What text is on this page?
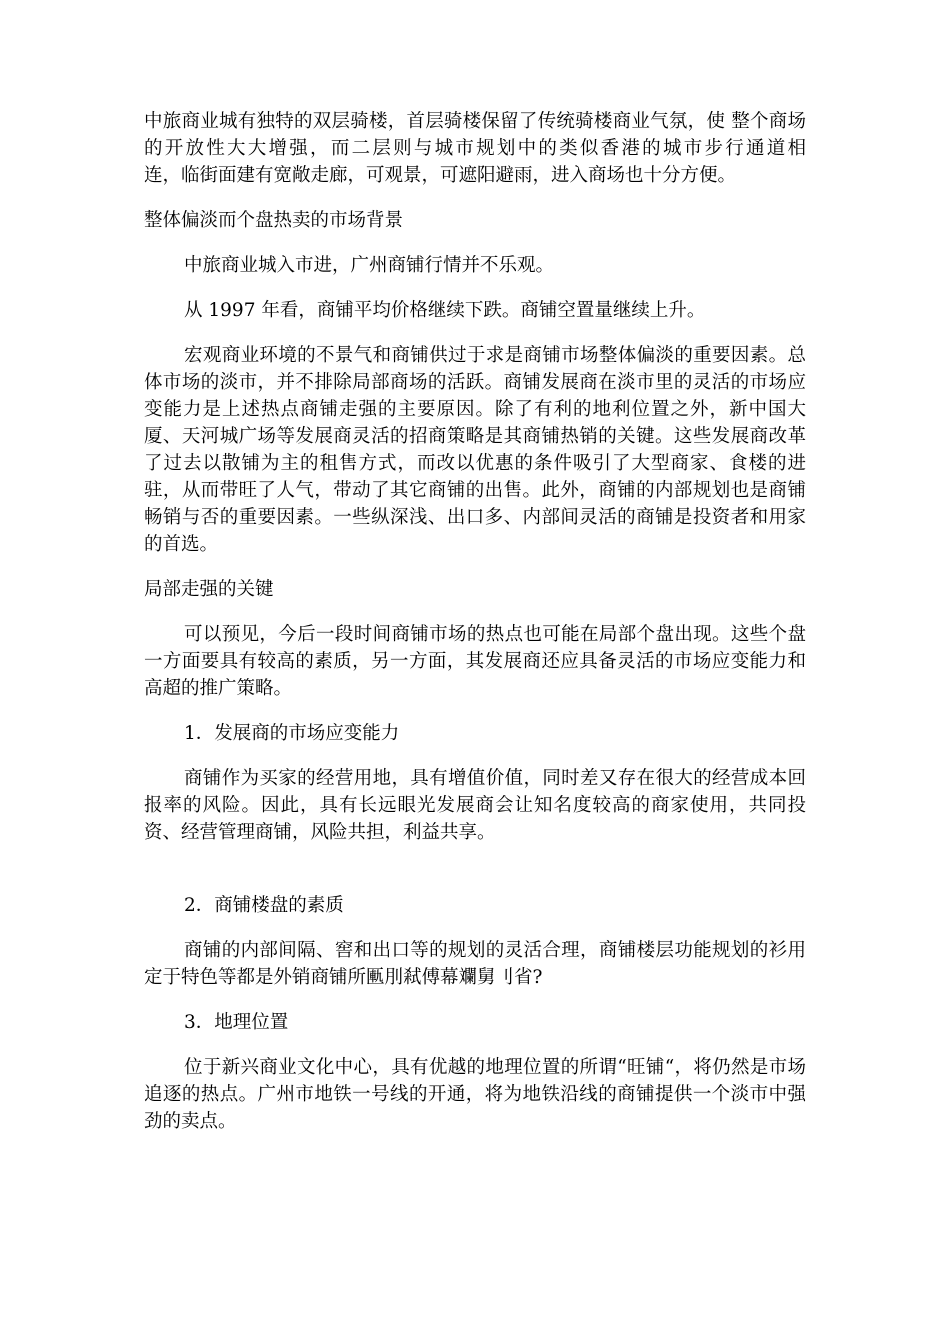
中旅商业城有独特的双层骑楼，首层骑楼保留了传统骑楼商业气氛，使 整个商场的开放性大大增强，而二层则与城市规划中的类似香港的城市步行通道相　　　　连，临街面建有宽敞走廊，可观景，可遮阳避雨，进入商场也十分方便。

整体偏淡而个盘热卖的市场背景

中旅商业城入市进，广州商铺行情并不乐观。

从 1997 年看，商铺平均价格继续下跌。商铺空置量继续上升。

宏观商业环境的不景气和商铺供过于求是商铺市场整体偏淡的重要因素。总体市场的淡市，并不排除局部商场的活跃。商铺发展商在淡市里的灵活的市场应变能力是上述热点商铺走强的主要原因。除了有利的地利位置之外，新中国大厦、天河城广场等发展商灵活的招商策略是其商铺热销的关键。这些发展商改革了过去以散铺为主的租售方式，而改以优惠的条件吸引了大型商家、食楼的进驻，从而带旺了人气，带动了其它商铺的出售。此外，商铺的内部规划也是商铺畅销与否的重要因素。一些纵深浅、出口多、内部间灵活的商铺是投资者和用家的首选。

局部走强的关键

可以预见，今后一段时间商铺市场的热点也可能在局部个盘出现。这些个盘一方面要具有较高的素质，另一方面，其发展商还应具备灵活的市场应变能力和高超的推广策略。

1．发展商的市场应变能力

商铺作为买家的经营用地，具有增值价值，同时差又存在很大的经营成本回报率的风险。因此，具有长远眼光发展商会让知名度较高的商家使用，共同投资、经营管理商铺，风险共担，利益共享。

2．商铺楼盘的素质

商铺的内部间隔、窖和出口等的规划的灵活合理，商铺楼层功能规划的衫用定于特色等都是外销商铺所匭刖弒傅幕斕舅刂省?

3．地理位置

位于新兴商业文化中心，具有优越的地理位置的所谓“旺铺“，将仍然是市场追逐的热点。广州市地铁一号线的开通，将为地铁沿线的商铺提供一个淡市中强劲的卖点。
